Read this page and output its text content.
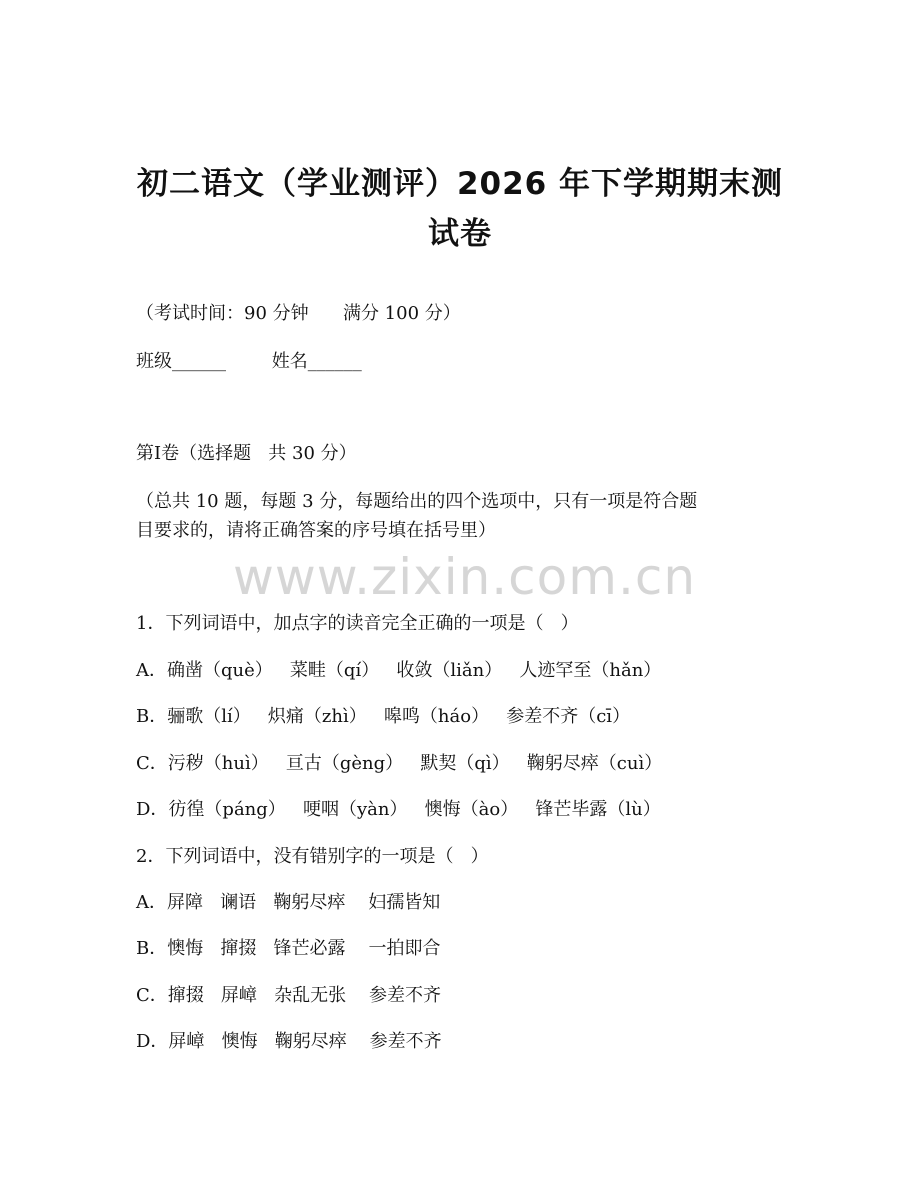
www.zixin.com.cn
初二语文（学业测评）2026 年下学期期末测
试卷
（考试时间：90 分钟      满分 100 分）
班级______        姓名______
第Ⅰ卷（选择题   共 30 分）
（总共 10 题，每题 3 分，每题给出的四个选项中，只有一项是符合题
目要求的，请将正确答案的序号填在括号里）
1．下列词语中，加点字的读音完全正确的一项是（   ）
A．确凿（què）   菜畦（qí）   收敛（liǎn）   人迹罕至（hǎn）
B．骊歌（lí）   炽痛（zhì）   嗥鸣（háo）   参差不齐（cī）
C．污秽（huì）   亘古（gèng）   默契（qì）   鞠躬尽瘁（cuì）
D．彷徨（páng）   哽咽（yàn）   懊悔（ào）   锋芒毕露（lù）
2．下列词语中，没有错别字的一项是（   ）
A．屏障   谰语   鞠躬尽瘁    妇孺皆知
B．懊悔   撺掇   锋芒必露    一拍即合
C．撺掇   屏嶂   杂乱无张    参差不齐
D．屏嶂   懊悔   鞠躬尽瘁    参差不齐
